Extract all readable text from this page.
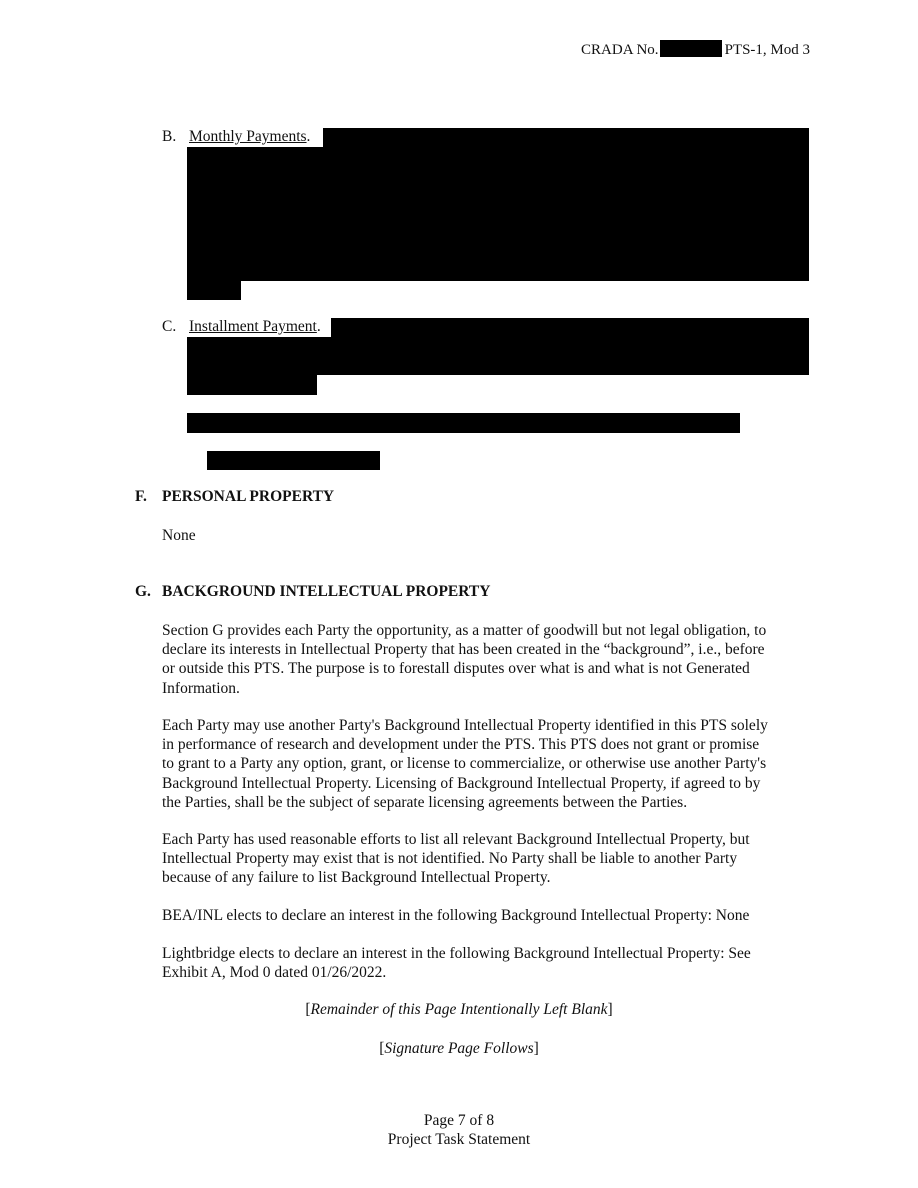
CRADA No.	PTS-1, Mod 3
B. Monthly Payments.
C. Installment Payment.
F. PERSONAL PROPERTY
None
G. BACKGROUND INTELLECTUAL PROPERTY
Section G provides each Party the opportunity, as a matter of goodwill but not legal obligation, to
declare its interests in Intellectual Property that has been created in the “background”, i.e., before
or outside this PTS. The purpose is to forestall disputes over what is and what is not Generated
Information.
Each Party may use another Party's Background Intellectual Property identified in this PTS solely
in performance of research and development under the PTS. This PTS does not grant or promise
to grant to a Party any option, grant, or license to commercialize, or otherwise use another Party's
Background Intellectual Property. Licensing of Background Intellectual Property, if agreed to by
the Parties, shall be the subject of separate licensing agreements between the Parties.
Each Party has used reasonable efforts to list all relevant Background Intellectual Property, but
Intellectual Property may exist that is not identified. No Party shall be liable to another Party
because of any failure to list Background Intellectual Property.
BEA/INL elects to declare an interest in the following Background Intellectual Property: None
Lightbridge elects to declare an interest in the following Background Intellectual Property: See
Exhibit A, Mod 0 dated 01/26/2022.
[Remainder of this Page Intentionally Left Blank]
[Signature Page Follows]
Page 7 of 8
Project Task Statement
